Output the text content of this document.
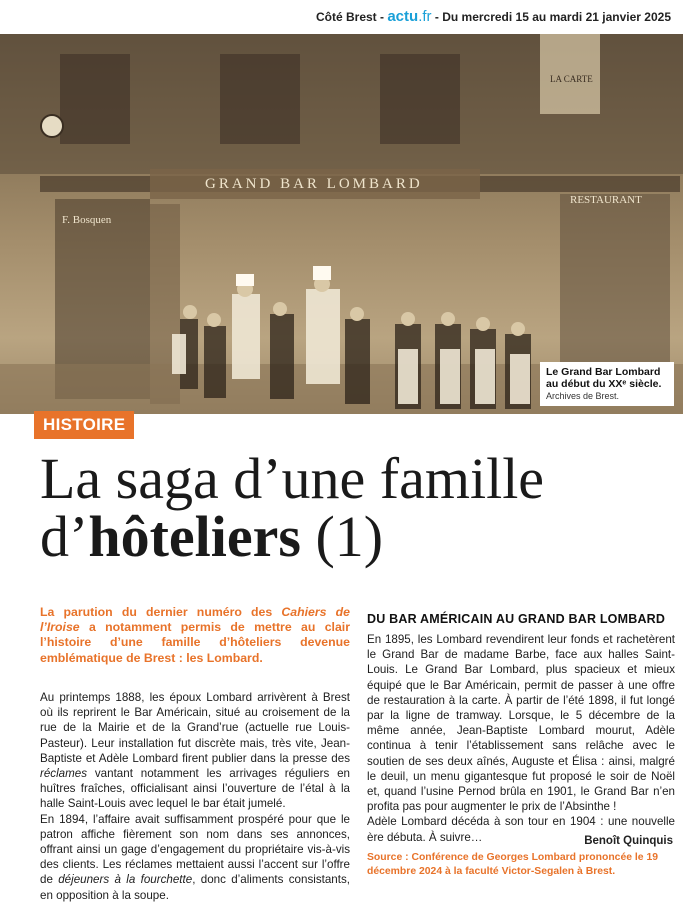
Côté Brest - actu.fr - Du mercredi 15 au mardi 21 janvier 2025
GRAND BAR LOMBARD
F. Bosquen
RESTAURANT
LA CARTE
Le Grand Bar Lombard
au début du XXᵉ siècle.
Archives de Brest.
HISTOIRE
La saga d’une famille
d’hôteliers (1)
La parution du dernier numéro des Cahiers de l’Iroise a notamment permis de mettre au clair l’histoire d’une famille d’hôteliers devenue emblématique de Brest : les Lombard.

Au printemps 1888, les époux Lombard arrivèrent à Brest où ils reprirent le Bar Américain, situé au croisement de la rue de la Mairie et de la Grand’rue (actuelle rue Louis-Pasteur). Leur installation fut discrète mais, très vite, Jean-Baptiste et Adèle Lombard firent publier dans la presse des réclames vantant notamment les arrivages réguliers en huîtres fraîches, officialisant ainsi l’ouverture de l’étal à la halle Saint-Louis avec lequel le bar était jumelé.

En 1894, l’affaire avait suffisamment prospéré pour que le patron affiche fièrement son nom dans ses annonces, offrant ainsi un gage d’engagement du propriétaire vis-à-vis des clients. Les réclames mettaient aussi l’accent sur l’offre de déjeuners à la fourchette, donc d’aliments consistants, en opposition à la soupe.

DU BAR AMÉRICAIN AU GRAND BAR LOMBARD

En 1895, les Lombard revendirent leur fonds et rachetèrent le Grand Bar de madame Barbe, face aux halles Saint-Louis. Le Grand Bar Lombard, plus spacieux et mieux équipé que le Bar Américain, permit de passer à une offre de restauration à la carte. À partir de l’été 1898, il fut longé par la ligne de tramway. Lorsque, le 5 décembre de la même année, Jean-Baptiste Lombard mourut, Adèle continua à tenir l’établissement sans relâche avec le soutien de ses deux aînés, Auguste et Élisa : ainsi, malgré le deuil, un menu gigantesque fut proposé le soir de Noël et, quand l’usine Pernod brûla en 1901, le Grand Bar n’en profita pas pour augmenter le prix de l’Absinthe !

Adèle Lombard décéda à son tour en 1904 : une nouvelle ère débuta. À suivre…	Benoît Quinquis
Source : Conférence de Georges Lombard prononcée le 19 décembre 2024 à la faculté Victor-Segalen à Brest.
